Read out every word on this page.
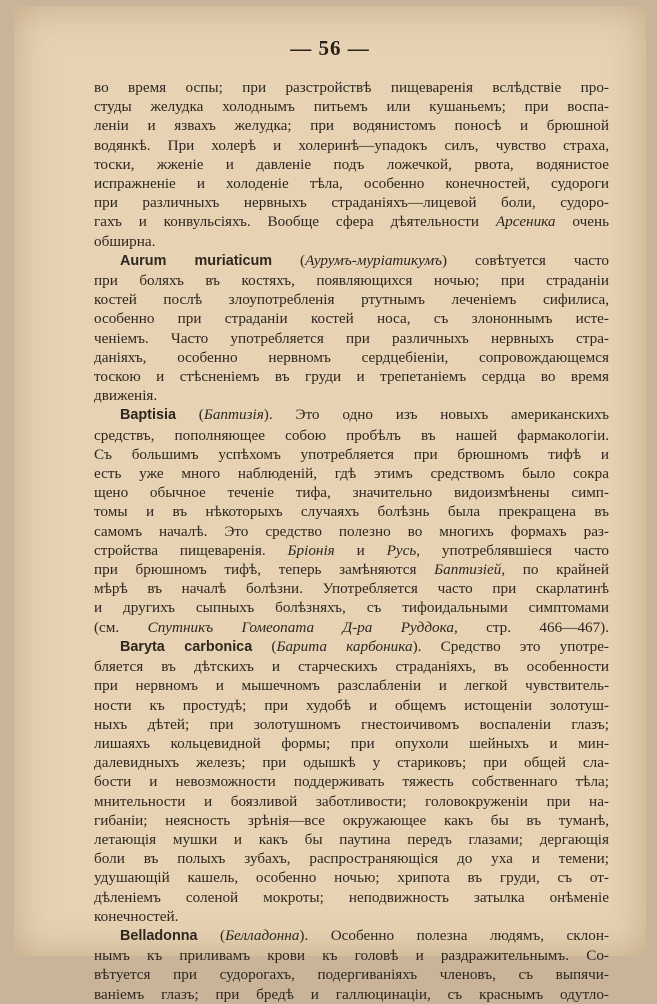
— 56 —
во время оспы; при разстройствѣ пищеваренія вслѣдствіе про-
студы желудка холоднымъ питьемъ или кушаньемъ; при воспа-
леніи и язвахъ желудка; при водянистомъ поносѣ и брюшной
водянкѣ. При холерѣ и холеринѣ—упадокъ силъ, чувство страха,
тоски, жженіе и давленіе подъ ложечкой, рвота, водянистое
испражненіе и холоденіе тѣла, особенно конечностей, судороги
при различныхъ нервныхъ страданіяхъ—лицевой боли, судоро-
гахъ и конвульсіяхъ. Вообще сфера дѣятельности Арсеника очень
обширна.
Aurum muriaticum (Аурумъ-муріатикумъ) совѣтуется часто
при боляхъ въ костяхъ, появляющихся ночью; при страданіи
костей послѣ злоупотребленія ртутнымъ леченіемъ сифилиса,
особенно при страданіи костей носа, съ злононнымъ исте-
ченіемъ. Часто употребляется при различныхъ нервныхъ стра-
даніяхъ, особенно нервномъ сердцебіеніи, сопровождающемся
тоскою и стѣсненіемъ въ груди и трепетаніемъ сердца во время
движенія.
Baptisia (Баптизія). Это одно изъ новыхъ американскихъ
средствъ, пополняющее собою пробѣлъ въ нашей фармакологіи.
Съ большимъ успѣхомъ употребляется при брюшномъ тифѣ и
есть уже много наблюденій, гдѣ этимъ средствомъ было сокра
щено обычное теченіе тифа, значительно видоизмѣнены симп-
томы и въ нѣкоторыхъ случаяхъ болѣзнь была прекращена въ
самомъ началѣ. Это средство полезно во многихъ формахъ раз-
стройства пищеваренія. Бріонія и Русь, употреблявшіеся часто
при брюшномъ тифѣ, теперь замѣняются Баптизіей, по крайней
мѣрѣ въ началѣ болѣзни. Употребляется часто при скарлатинѣ
и другихъ сыпныхъ болѣзняхъ, съ тифоидальными симптомами
(см. Спутникъ Гомеопата Д-ра Руддока, стр. 466—467).
Baryta carbonica (Барита карбоника). Средство это употре-
бляется въ дѣтскихъ и старческихъ страданіяхъ, въ особенности
при нервномъ и мышечномъ разслабленіи и легкой чувствитель-
ности къ простудѣ; при худобѣ и общемъ истощеніи золотуш-
ныхъ дѣтей; при золотушномъ гнестоичивомъ воспаленіи глазъ;
лишаяхъ кольцевидной формы; при опухоли шейныхъ и мин-
далевидныхъ железъ; при одышкѣ у стариковъ; при общей сла-
бости и невозможности поддерживать тяжесть собственнаго тѣла;
мнительности и боязливой заботливости; головокруженіи при на-
гибаніи; неясность зрѣнія—все окружающее какъ бы въ туманѣ,
летающія мушки и какъ бы паутина передъ глазами; дергающія
боли въ полыхъ зубахъ, распространяющіся до уха и темени;
удушающій кашель, особенно ночью; хрипота въ груди, съ от-
дѣленіемъ соленой мокроты; неподвижность затылка онѣменіе
конечностей.
Belladonna (Белладонна). Особенно полезна людямъ, склон-
нымъ къ приливамъ крови къ головѣ и раздражительнымъ. Со-
вѣтуется при судорогахъ, подергиваніяхъ членовъ, съ выпячи-
ваніемъ глазъ; при бредѣ и галлюцинаціи, съ краснымъ одутло-
